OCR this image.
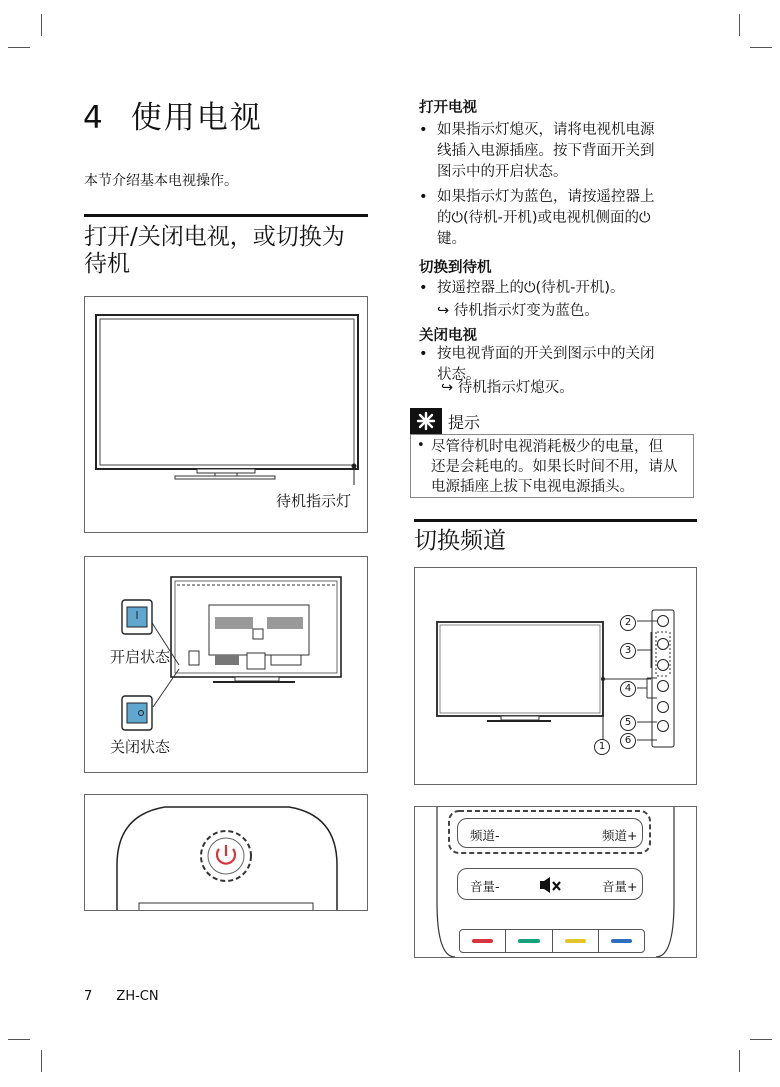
4 使用电视
本节介绍基本电视操作。
打开/关闭电视，或切换为
待机
待机指示灯
开启状态
关闭状态
打开电视
• 如果指示灯熄灭，请将电视机电源
线插入电源插座。按下背面开关到
图示中的开启状态。
• 如果指示灯为蓝色，请按遥控器上
的⏻(待机-开机)或电视机侧面的⏻
键。
切换到待机
• 按遥控器上的⏻(待机-开机)。
↪ 待机指示灯变为蓝色。
关闭电视
• 按电视背面的开关到图示中的关闭
状态。
↪ 待机指示灯熄灭。
提示
• 尽管待机时电视消耗极少的电量，但
还是会耗电的。如果长时间不用，请从
电源插座上拔下电视电源插头。
切换频道
2
3
4
5
6
1
频道-	频道+
音量-	音量+
7 ZH-CN
